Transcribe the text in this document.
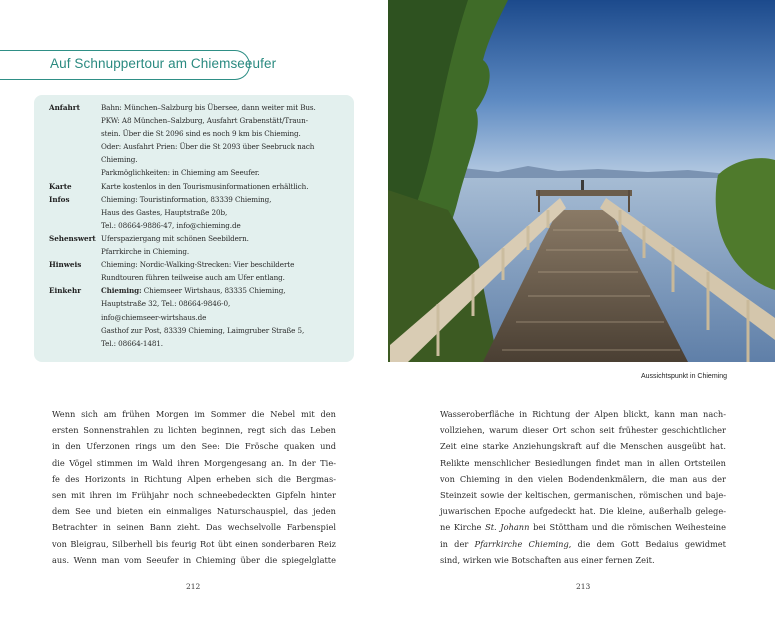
Auf Schnuppertour am Chiemseeufer
Anfahrt	Bahn: München–Salzburg bis Übersee, dann weiter mit Bus.
PKW: A8 München–Salzburg, Ausfahrt Grabenstätt/Traun-
stein. Über die St 2096 sind es noch 9 km bis Chieming.
Oder: Ausfahrt Prien: Über die St 2093 über Seebruck nach
Chieming.
Parkmöglichkeiten: in Chieming am Seeufer.
Karte	Karte kostenlos in den Tourismusinformationen erhältlich.
Infos	Chieming: Touristinformation, 83339 Chieming,
Haus des Gastes, Hauptstraße 20b,
Tel.: 08664-9886-47, info@chieming.de
Sehenswert Uferspaziergang mit schönen Seebildern.
Pfarrkirche in Chieming.
Hinweis	Chieming: Nordic-Walking-Strecken: Vier beschilderte
Rundtouren führen teilweise auch am Ufer entlang.
Einkehr	Chieming: Chiemseer Wirtshaus, 83335 Chieming,
Hauptstraße 32, Tel.: 08664-9846-0,
info@chiemseer-wirtshaus.de
Gasthof zur Post, 83339 Chieming, Laimgruber Straße 5,
Tel.: 08664-1481.
Wenn sich am frühen Morgen im Sommer die Nebel mit den
ersten Sonnenstrahlen zu lichten beginnen, regt sich das Leben
in den Uferzonen rings um den See: Die Frösche quaken und
die Vögel stimmen im Wald ihren Morgengesang an. In der Tie-
fe des Horizonts in Richtung Alpen erheben sich die Bergmas-
sen mit ihren im Frühjahr noch schneebedeckten Gipfeln hinter
dem See und bieten ein einmaliges Naturschauspiel, das jeden
Betrachter in seinen Bann zieht. Das wechselvolle Farbenspiel
von Bleigrau, Silberhell bis feurig Rot übt einen sonderbaren Reiz
aus. Wenn man vom Seeufer in Chieming über die spiegelglatte
212
Aussichtspunkt in Chieming
Wasseroberfläche in Richtung der Alpen blickt, kann man nach-
vollziehen, warum dieser Ort schon seit frühester geschichtlicher
Zeit eine starke Anziehungskraft auf die Menschen ausgeübt hat.
Relikte menschlicher Besiedlungen findet man in allen Ortsteilen
von Chieming in den vielen Bodendenkmälern, die man aus der
Steinzeit sowie der keltischen, germanischen, römischen und baje-
juwarischen Epoche aufgedeckt hat. Die kleine, außerhalb gelege-
ne Kirche St. Johann bei Stöttham und die römischen Weihesteine
in der Pfarrkirche Chieming, die dem Gott Bedaius gewidmet
sind, wirken wie Botschaften aus einer fernen Zeit.
213
